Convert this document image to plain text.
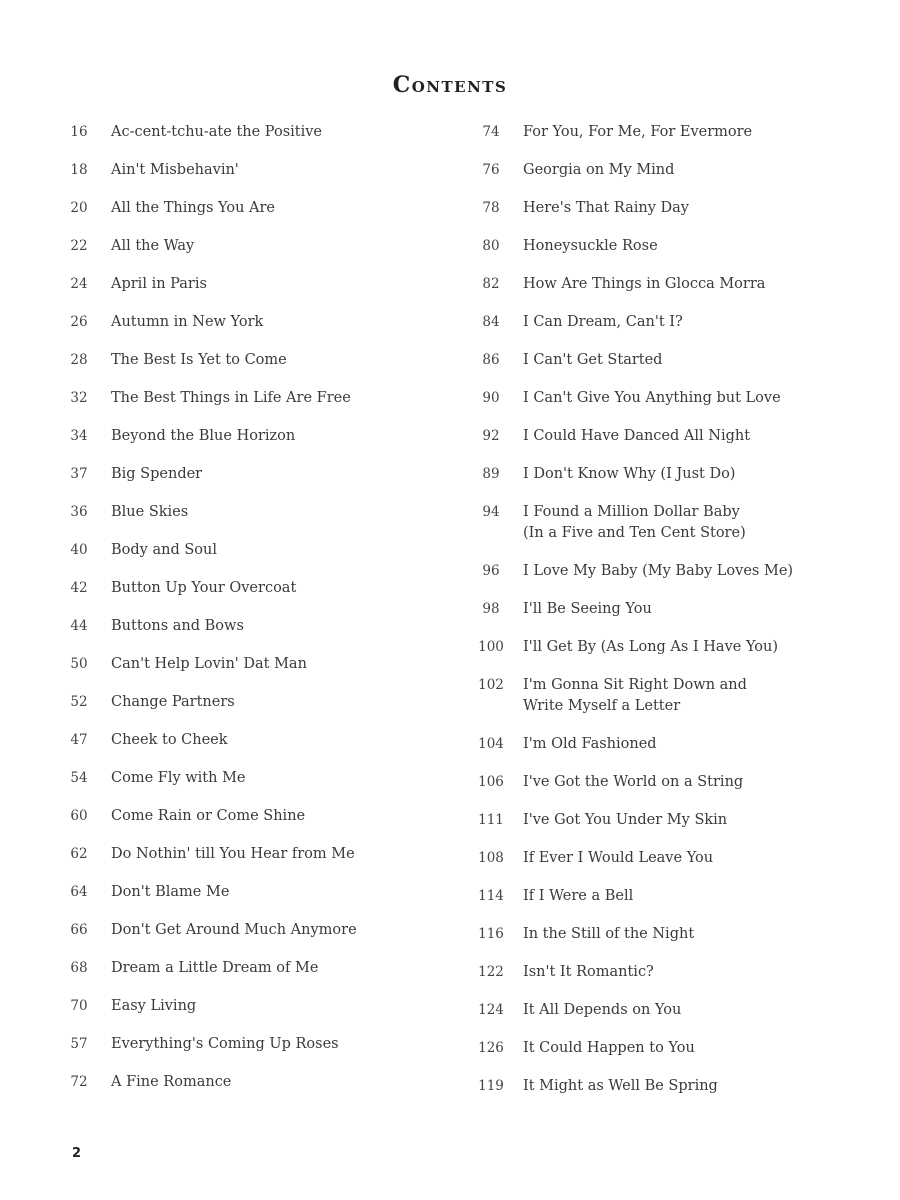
Contents
16	Ac-cent-tchu-ate the Positive
18	Ain't Misbehavin'
20	All the Things You Are
22	All the Way
24	April in Paris
26	Autumn in New York
28	The Best Is Yet to Come
32	The Best Things in Life Are Free
34	Beyond the Blue Horizon
37	Big Spender
36	Blue Skies
40	Body and Soul
42	Button Up Your Overcoat
44	Buttons and Bows
50	Can't Help Lovin' Dat Man
52	Change Partners
47	Cheek to Cheek
54	Come Fly with Me
60	Come Rain or Come Shine
62	Do Nothin' till You Hear from Me
64	Don't Blame Me
66	Don't Get Around Much Anymore
68	Dream a Little Dream of Me
70	Easy Living
57	Everything's Coming Up Roses
72	A Fine Romance
74	For You, For Me, For Evermore
76	Georgia on My Mind
78	Here's That Rainy Day
80	Honeysuckle Rose
82	How Are Things in Glocca Morra
84	I Can Dream, Can't I?
86	I Can't Get Started
90	I Can't Give You Anything but Love
92	I Could Have Danced All Night
89	I Don't Know Why (I Just Do)
94	I Found a Million Dollar Baby
(In a Five and Ten Cent Store)
96	I Love My Baby (My Baby Loves Me)
98	I'll Be Seeing You
100	I'll Get By (As Long As I Have You)
102	I'm Gonna Sit Right Down and
Write Myself a Letter
104	I'm Old Fashioned
106	I've Got the World on a String
111	I've Got You Under My Skin
108	If Ever I Would Leave You
114	If I Were a Bell
116	In the Still of the Night
122	Isn't It Romantic?
124	It All Depends on You
126	It Could Happen to You
119	It Might as Well Be Spring
2
